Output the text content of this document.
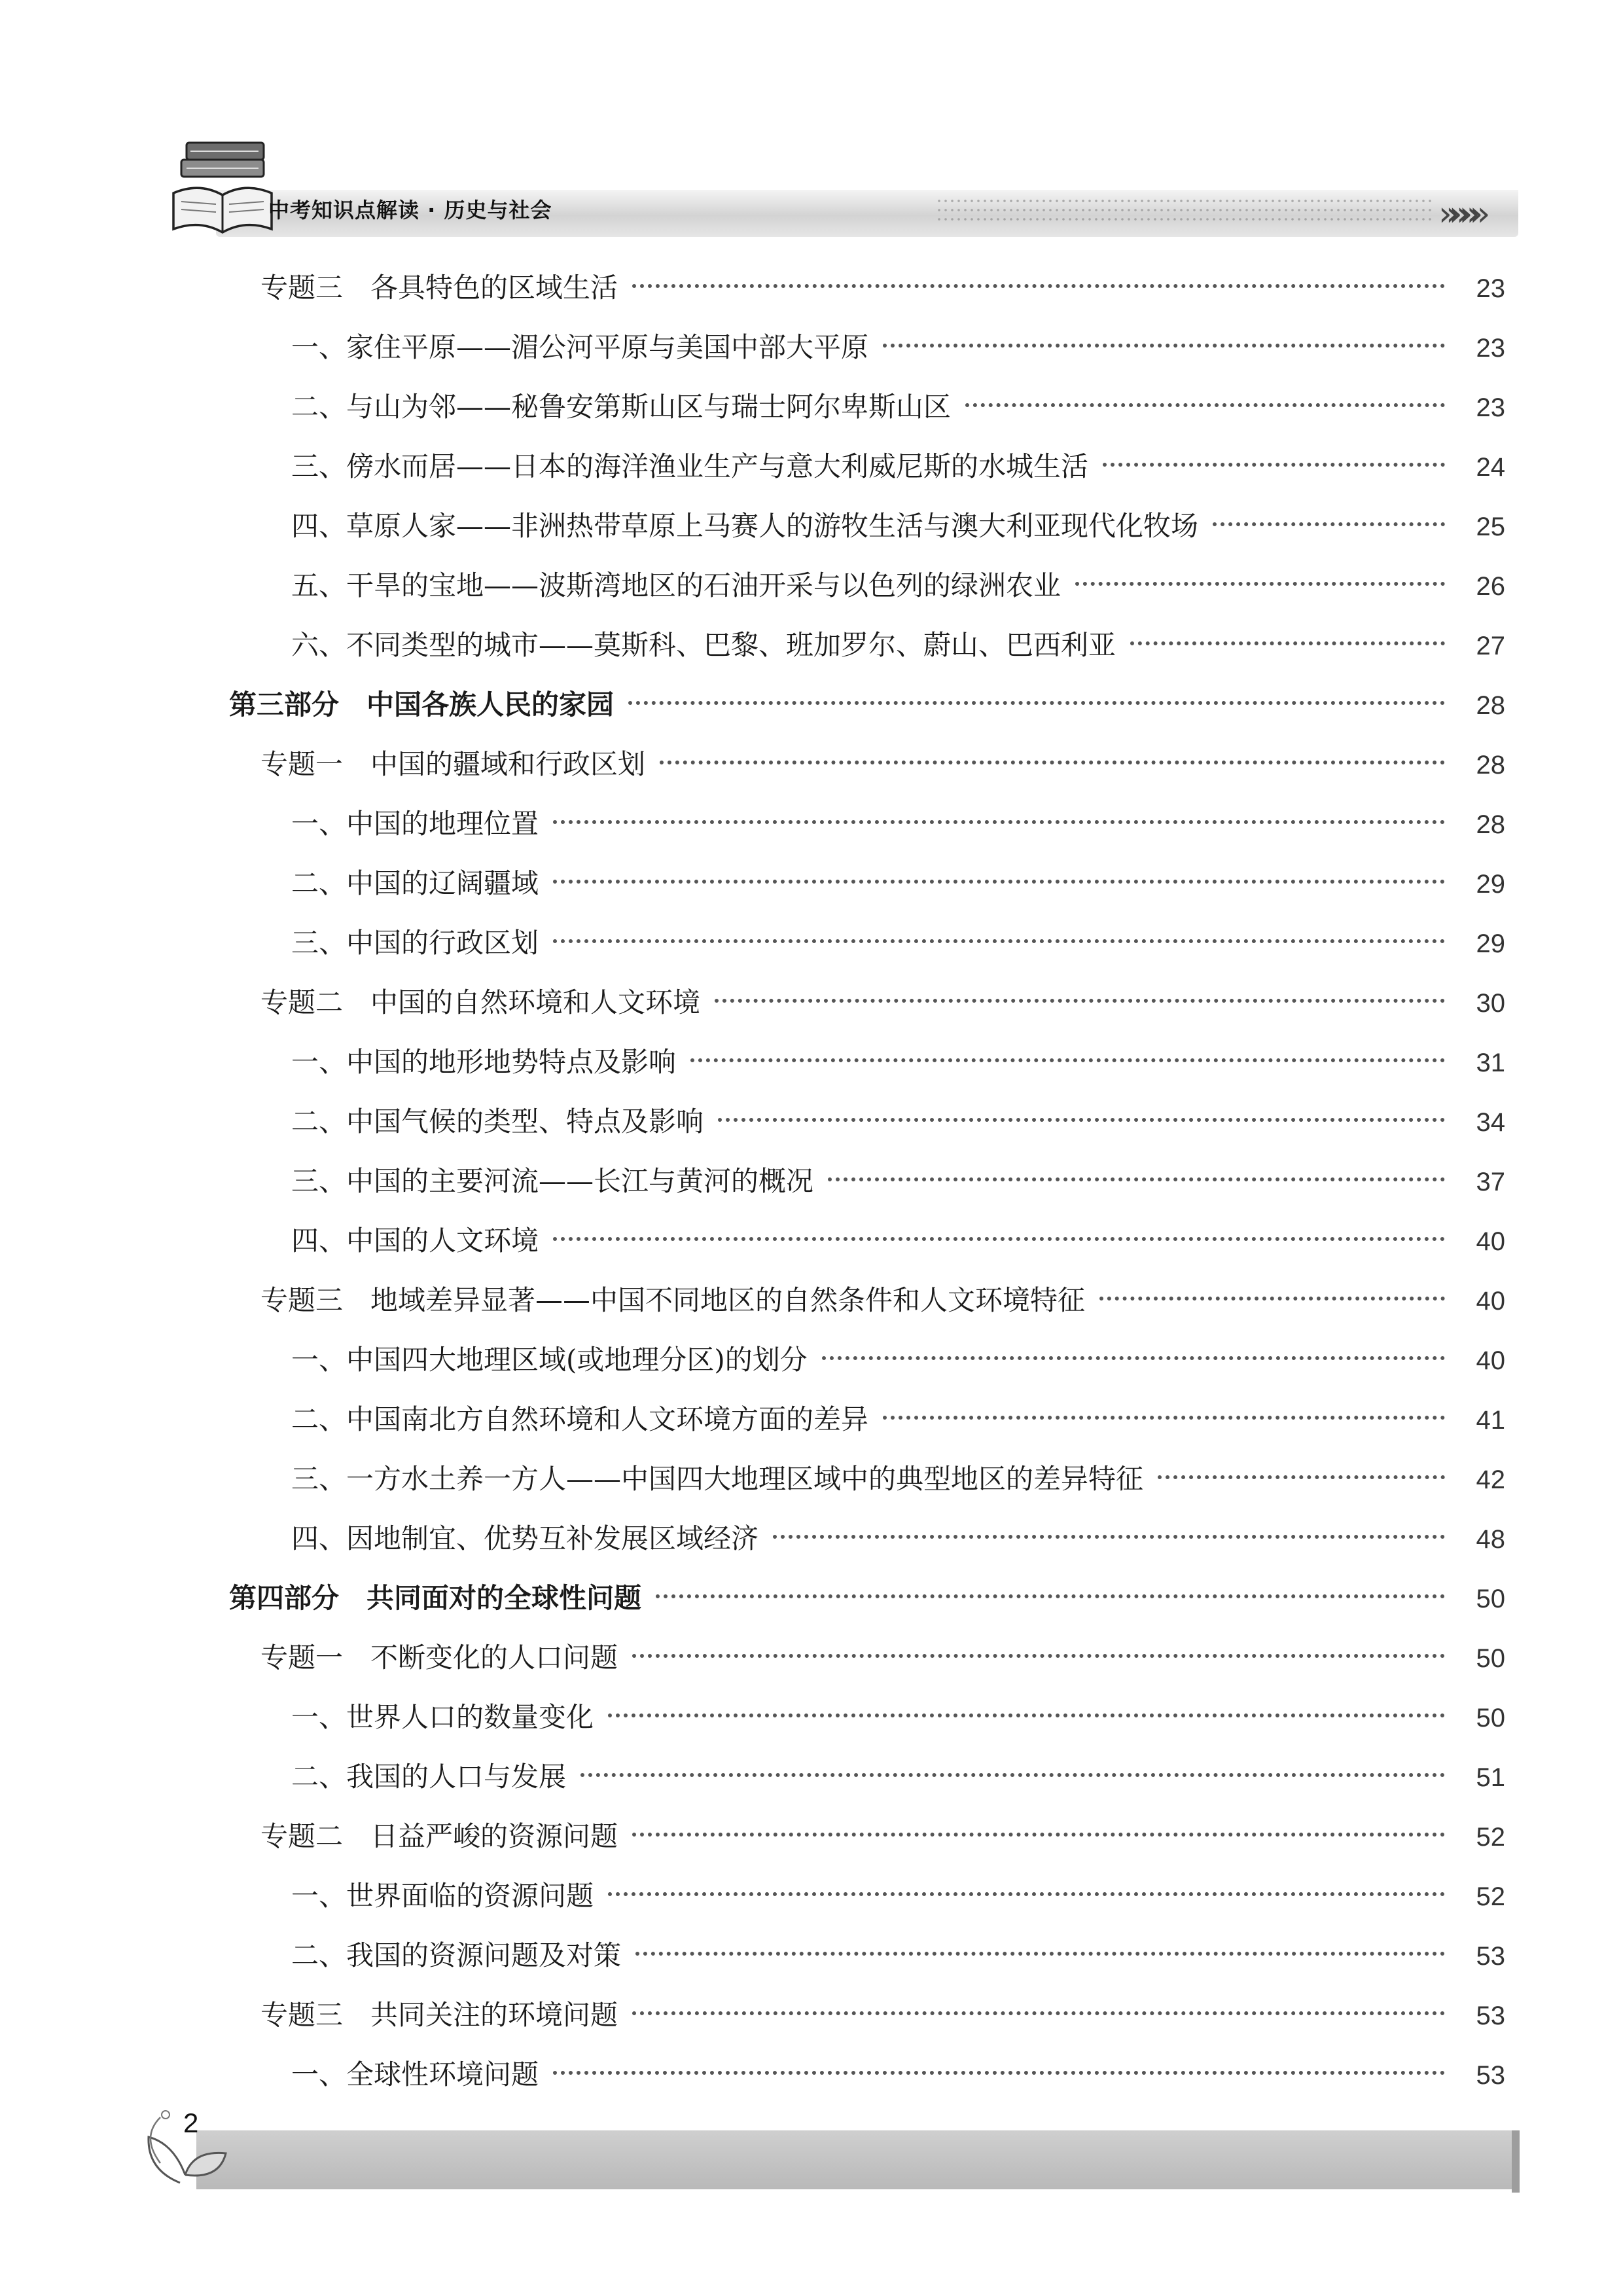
中考知识点解读 · 历史与社会	»»»»
专题三　各具特色的区域生活	23
一、家住平原——湄公河平原与美国中部大平原	23
二、与山为邻——秘鲁安第斯山区与瑞士阿尔卑斯山区	23
三、傍水而居——日本的海洋渔业生产与意大利威尼斯的水城生活	24
四、草原人家——非洲热带草原上马赛人的游牧生活与澳大利亚现代化牧场	25
五、干旱的宝地——波斯湾地区的石油开采与以色列的绿洲农业	26
六、不同类型的城市——莫斯科、巴黎、班加罗尔、蔚山、巴西利亚	27
第三部分　中国各族人民的家园	28
专题一　中国的疆域和行政区划	28
一、中国的地理位置	28
二、中国的辽阔疆域	29
三、中国的行政区划	29
专题二　中国的自然环境和人文环境	30
一、中国的地形地势特点及影响	31
二、中国气候的类型、特点及影响	34
三、中国的主要河流——长江与黄河的概况	37
四、中国的人文环境	40
专题三　地域差异显著——中国不同地区的自然条件和人文环境特征	40
一、中国四大地理区域(或地理分区)的划分	40
二、中国南北方自然环境和人文环境方面的差异	41
三、一方水土养一方人——中国四大地理区域中的典型地区的差异特征	42
四、因地制宜、优势互补发展区域经济	48
第四部分　共同面对的全球性问题	50
专题一　不断变化的人口问题	50
一、世界人口的数量变化	50
二、我国的人口与发展	51
专题二　日益严峻的资源问题	52
一、世界面临的资源问题	52
二、我国的资源问题及对策	53
专题三　共同关注的环境问题	53
一、全球性环境问题	53
2
